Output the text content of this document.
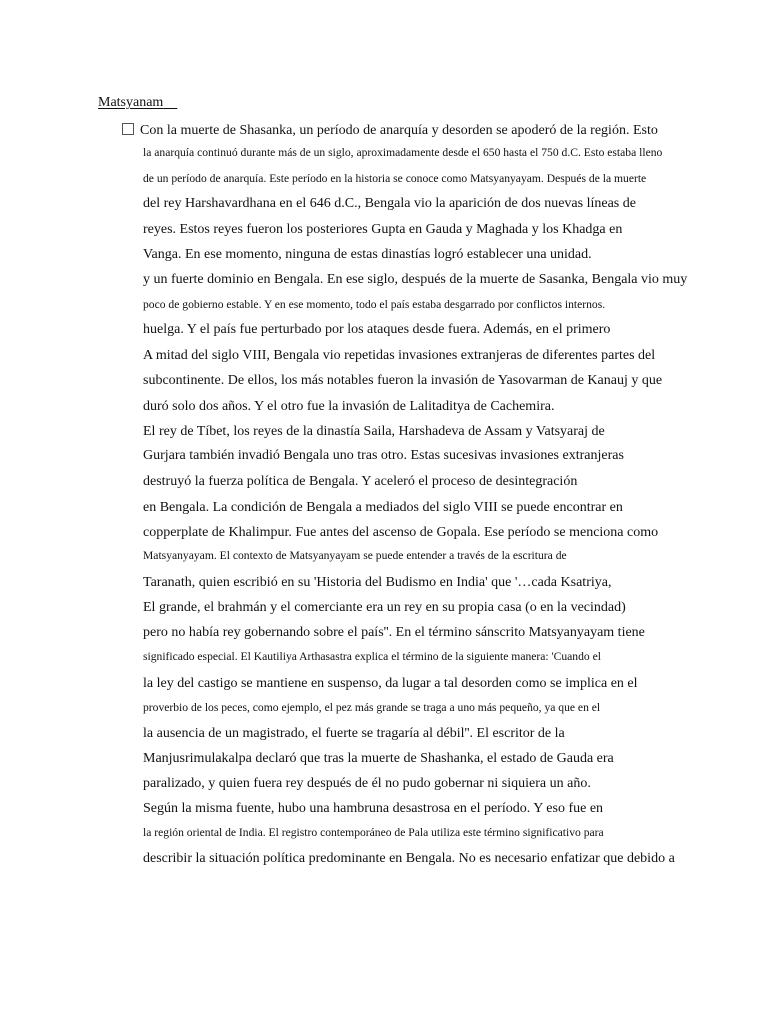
Matsyanam
Con la muerte de Shasanka, un período de anarquía y desorden se apoderó de la región. Esto
la anarquía continuó durante más de un siglo, aproximadamente desde el 650 hasta el 750 d.C. Esto estaba lleno
de un período de anarquía. Este período en la historia se conoce como Matsyanyayam. Después de la muerte
del rey Harshavardhana en el 646 d.C., Bengala vio la aparición de dos nuevas líneas de
reyes. Estos reyes fueron los posteriores Gupta en Gauda y Maghada y los Khadga en
Vanga. En ese momento, ninguna de estas dinastías logró establecer una unidad.
y un fuerte dominio en Bengala. En ese siglo, después de la muerte de Sasanka, Bengala vio muy
poco de gobierno estable. Y en ese momento, todo el país estaba desgarrado por conflictos internos.
huelga. Y el país fue perturbado por los ataques desde fuera. Además, en el primero
A mitad del siglo VIII, Bengala vio repetidas invasiones extranjeras de diferentes partes del
subcontinente. De ellos, los más notables fueron la invasión de Yasovarman de Kanauj y que
duró solo dos años. Y el otro fue la invasión de Lalitaditya de Cachemira.
El rey de Tíbet, los reyes de la dinastía Saila, Harshadeva de Assam y Vatsyaraj de
Gurjara también invadió Bengala uno tras otro. Estas sucesivas invasiones extranjeras
destruyó la fuerza política de Bengala. Y aceleró el proceso de desintegración
en Bengala. La condición de Bengala a mediados del siglo VIII se puede encontrar en
copperplate de Khalimpur. Fue antes del ascenso de Gopala. Ese período se menciona como
Matsyanyayam. El contexto de Matsyanyayam se puede entender a través de la escritura de
Taranath, quien escribió en su 'Historia del Budismo en India' que '…cada Ksatriya,
El grande, el brahmán y el comerciante era un rey en su propia casa (o en la vecindad)
pero no había rey gobernando sobre el país''. En el término sánscrito Matsyanyayam tiene
significado especial. El Kautiliya Arthasastra explica el término de la siguiente manera: 'Cuando el
la ley del castigo se mantiene en suspenso, da lugar a tal desorden como se implica en el
proverbio de los peces, como ejemplo, el pez más grande se traga a uno más pequeño, ya que en el
la ausencia de un magistrado, el fuerte se tragaría al débil''. El escritor de la
Manjusrimulakalpa declaró que tras la muerte de Shashanka, el estado de Gauda era
paralizado, y quien fuera rey después de él no pudo gobernar ni siquiera un año.
Según la misma fuente, hubo una hambruna desastrosa en el período. Y eso fue en
la región oriental de India. El registro contemporáneo de Pala utiliza este término significativo para
describir la situación política predominante en Bengala. No es necesario enfatizar que debido a
